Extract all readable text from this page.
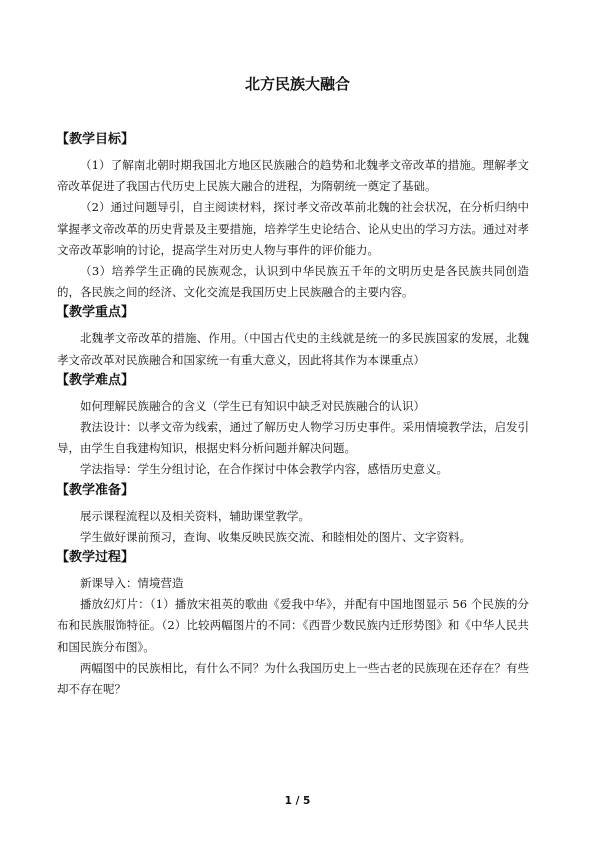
北方民族大融合
【教学目标】

（1）了解南北朝时期我国北方地区民族融合的趋势和北魏孝文帝改革的措施。理解孝文帝改革促进了我国古代历史上民族大融合的进程，为隋朝统一奠定了基础。

（2）通过问题导引，自主阅读材料，探讨孝文帝改革前北魏的社会状况，在分析归纳中掌握孝文帝改革的历史背景及主要措施，培养学生史论结合、论从史出的学习方法。通过对孝文帝改革影响的讨论，提高学生对历史人物与事件的评价能力。

（3）培养学生正确的民族观念，认识到中华民族五千年的文明历史是各民族共同创造的，各民族之间的经济、文化交流是我国历史上民族融合的主要内容。

【教学重点】

北魏孝文帝改革的措施、作用。（中国古代史的主线就是统一的多民族国家的发展，北魏孝文帝改革对民族融合和国家统一有重大意义，因此将其作为本课重点）

【教学难点】

如何理解民族融合的含义（学生已有知识中缺乏对民族融合的认识）

教法设计：以孝文帝为线索，通过了解历史人物学习历史事件。采用情境教学法，启发引导，由学生自我建构知识，根据史料分析问题并解决问题。

学法指导：学生分组讨论，在合作探讨中体会教学内容，感悟历史意义。

【教学准备】

展示课程流程以及相关资料，辅助课堂教学。

学生做好课前预习，查询、收集反映民族交流、和睦相处的图片、文字资料。

【教学过程】

新课导入：情境营造

播放幻灯片：（1）播放宋祖英的歌曲《爱我中华》，并配有中国地图显示 56 个民族的分布和民族服饰特征。（2）比较两幅图片的不同：《西晋少数民族内迁形势图》和《中华人民共和国民族分布图》。

两幅图中的民族相比，有什么不同？为什么我国历史上一些古老的民族现在还存在？有些却不存在呢？

1 / 5
